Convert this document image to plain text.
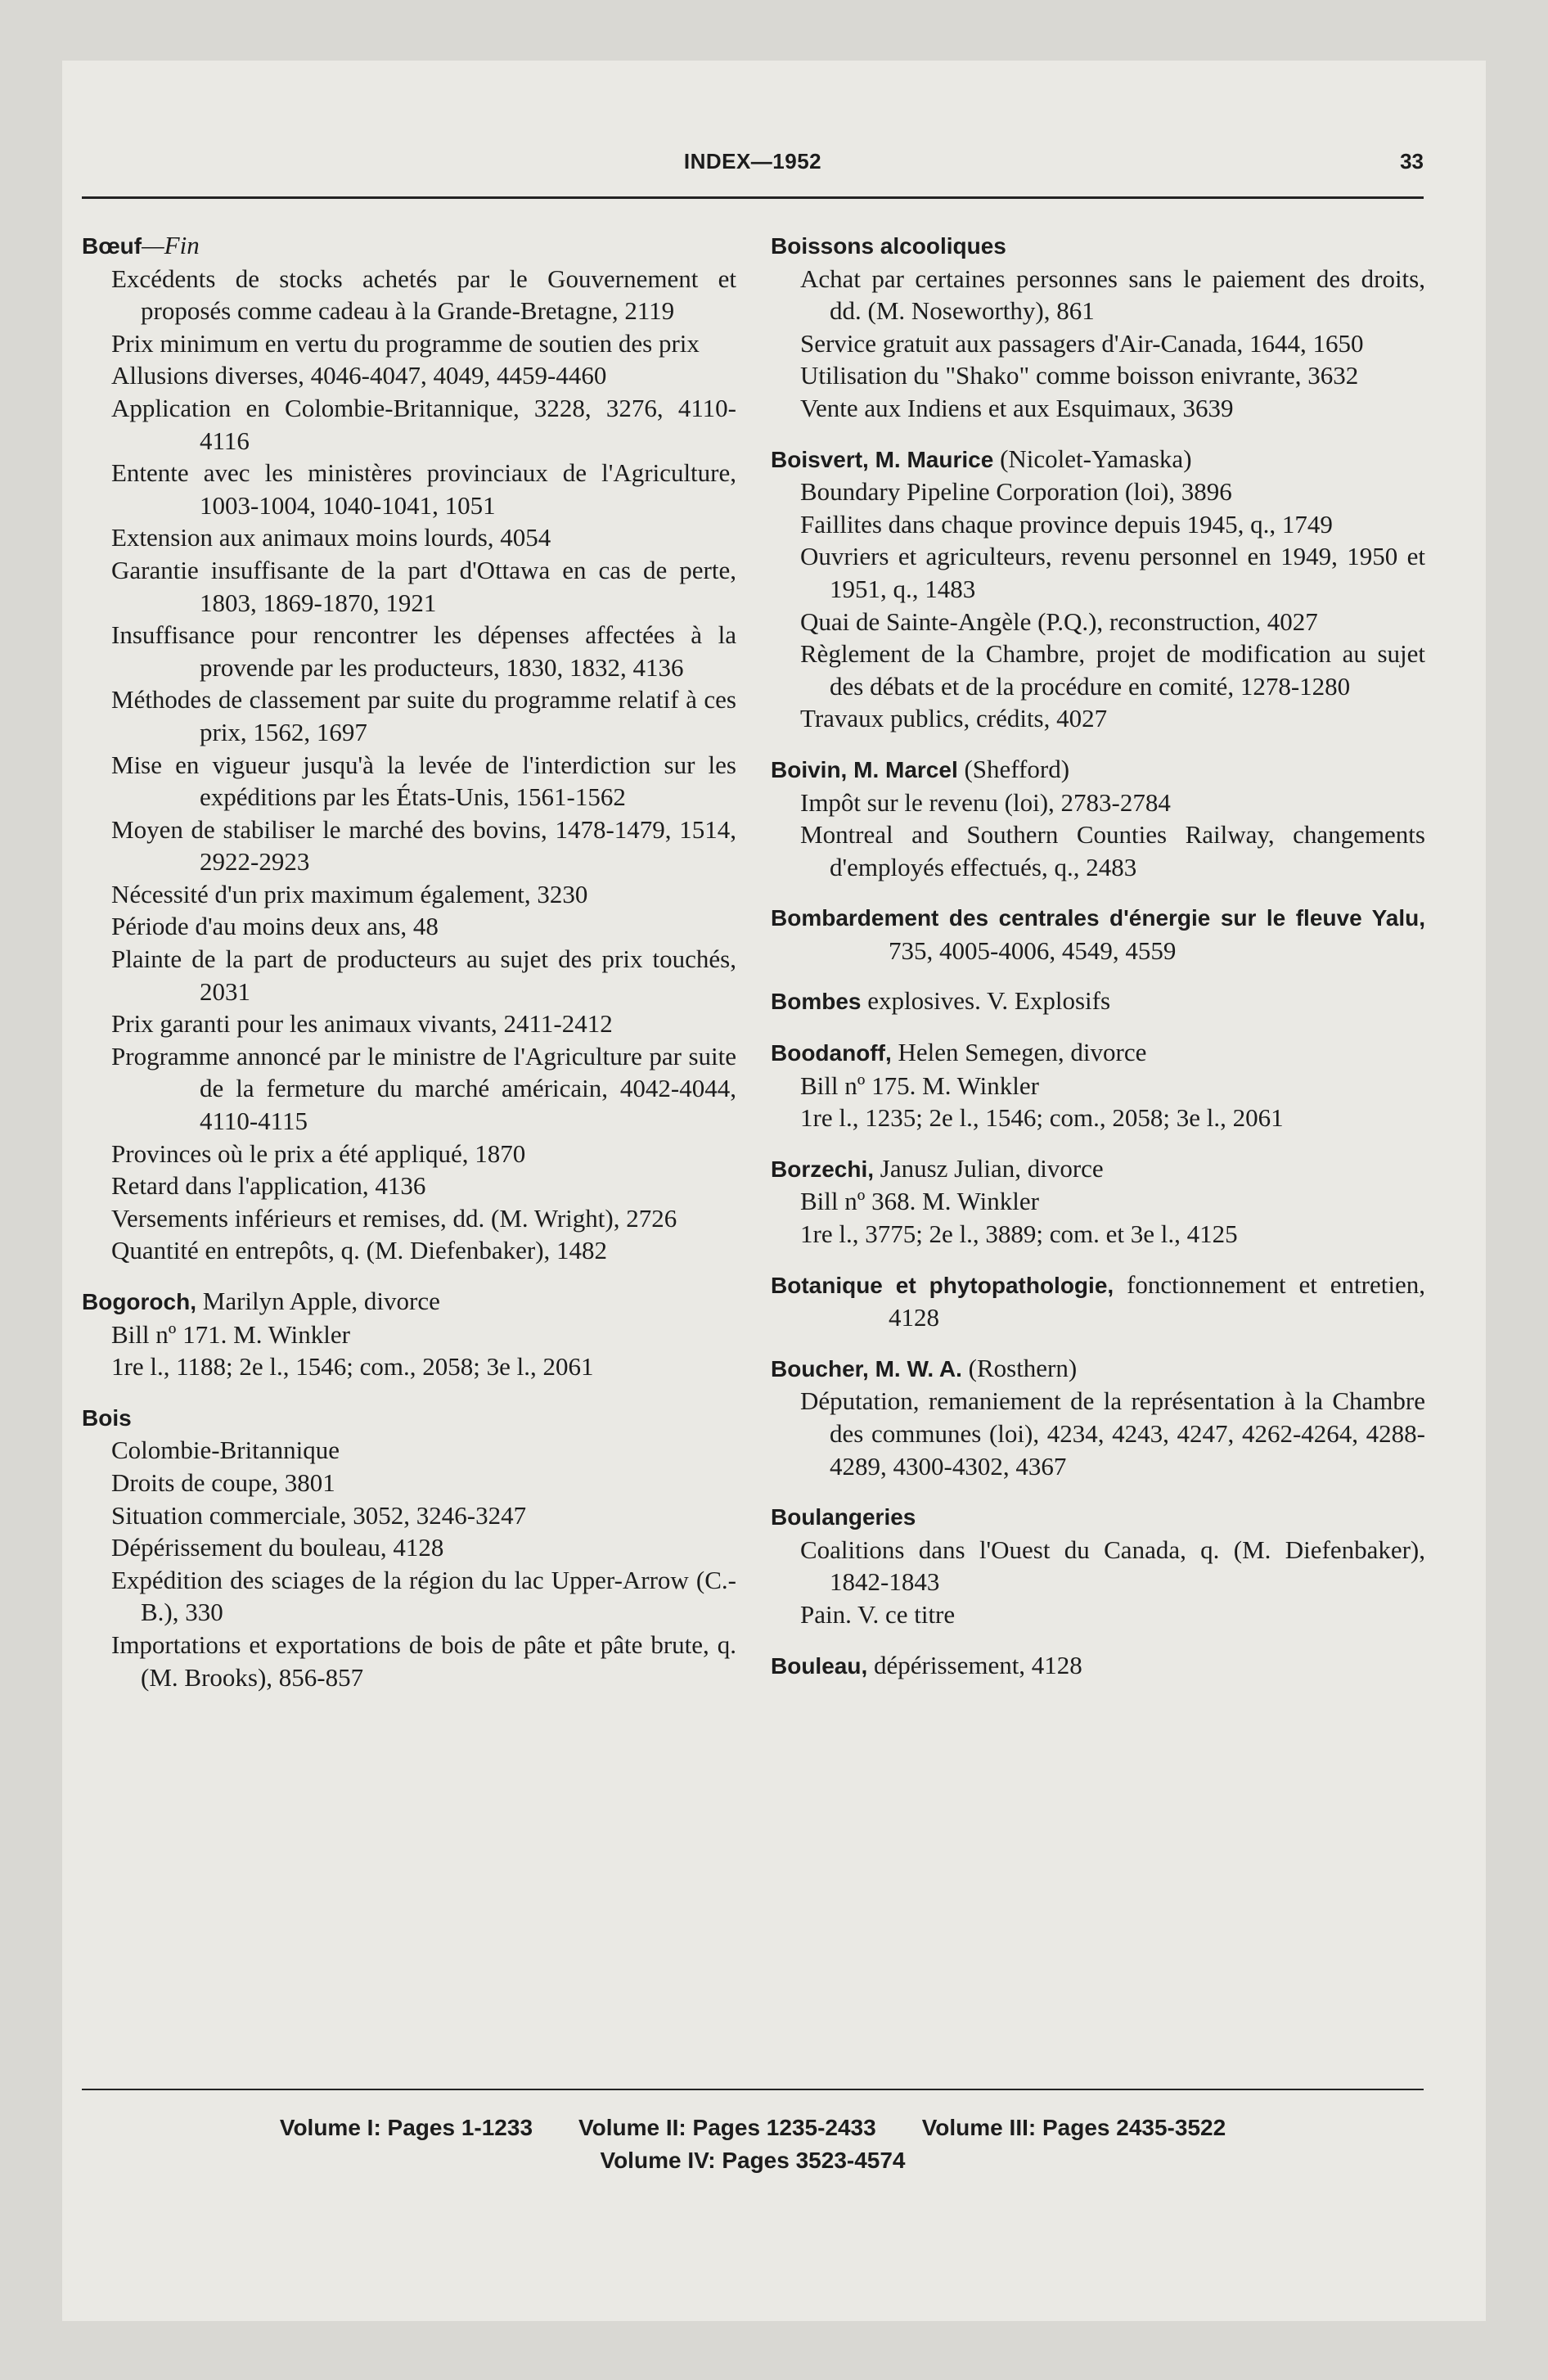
INDEX—1952	33
Bœuf—Fin
Excédents de stocks achetés par le Gouvernement et proposés comme cadeau à la Grande-Bretagne, 2119
Prix minimum en vertu du programme de soutien des prix
Allusions diverses, 4046-4047, 4049, 4459-4460
Application en Colombie-Britannique, 3228, 3276, 4110-4116
Entente avec les ministères provinciaux de l'Agriculture, 1003-1004, 1040-1041, 1051
Extension aux animaux moins lourds, 4054
Garantie insuffisante de la part d'Ottawa en cas de perte, 1803, 1869-1870, 1921
Insuffisance pour rencontrer les dépenses affectées à la provende par les producteurs, 1830, 1832, 4136
Méthodes de classement par suite du programme relatif à ces prix, 1562, 1697
Mise en vigueur jusqu'à la levée de l'interdiction sur les expéditions par les États-Unis, 1561-1562
Moyen de stabiliser le marché des bovins, 1478-1479, 1514, 2922-2923
Nécessité d'un prix maximum également, 3230
Période d'au moins deux ans, 48
Plainte de la part de producteurs au sujet des prix touchés, 2031
Prix garanti pour les animaux vivants, 2411-2412
Programme annoncé par le ministre de l'Agriculture par suite de la fermeture du marché américain, 4042-4044, 4110-4115
Provinces où le prix a été appliqué, 1870
Retard dans l'application, 4136
Versements inférieurs et remises, dd. (M. Wright), 2726
Quantité en entrepôts, q. (M. Diefenbaker), 1482
Bogoroch, Marilyn Apple, divorce
Bill nº 171. M. Winkler
1re l., 1188; 2e l., 1546; com., 2058; 3e l., 2061
Bois
Colombie-Britannique
Droits de coupe, 3801
Situation commerciale, 3052, 3246-3247
Dépérissement du bouleau, 4128
Expédition des sciages de la région du lac Upper-Arrow (C.-B.), 330
Importations et exportations de bois de pâte et pâte brute, q. (M. Brooks), 856-857
Boissons alcooliques
Achat par certaines personnes sans le paiement des droits, dd. (M. Noseworthy), 861
Service gratuit aux passagers d'Air-Canada, 1644, 1650
Utilisation du "Shako" comme boisson enivrante, 3632
Vente aux Indiens et aux Esquimaux, 3639
Boisvert, M. Maurice (Nicolet-Yamaska)
Boundary Pipeline Corporation (loi), 3896
Faillites dans chaque province depuis 1945, q., 1749
Ouvriers et agriculteurs, revenu personnel en 1949, 1950 et 1951, q., 1483
Quai de Sainte-Angèle (P.Q.), reconstruction, 4027
Règlement de la Chambre, projet de modification au sujet des débats et de la procédure en comité, 1278-1280
Travaux publics, crédits, 4027
Boivin, M. Marcel (Shefford)
Impôt sur le revenu (loi), 2783-2784
Montreal and Southern Counties Railway, changements d'employés effectués, q., 2483
Bombardement des centrales d'énergie sur le fleuve Yalu, 735, 4005-4006, 4549, 4559
Bombes explosives. V. Explosifs
Boodanoff, Helen Semegen, divorce
Bill nº 175. M. Winkler
1re l., 1235; 2e l., 1546; com., 2058; 3e l., 2061
Borzechi, Janusz Julian, divorce
Bill nº 368. M. Winkler
1re l., 3775; 2e l., 3889; com. et 3e l., 4125
Botanique et phytopathologie, fonctionnement et entretien, 4128
Boucher, M. W. A. (Rosthern)
Députation, remaniement de la représentation à la Chambre des communes (loi), 4234, 4243, 4247, 4262-4264, 4288-4289, 4300-4302, 4367
Boulangeries
Coalitions dans l'Ouest du Canada, q. (M. Diefenbaker), 1842-1843
Pain. V. ce titre
Bouleau, dépérissement, 4128
Volume I: Pages 1-1233 Volume II: Pages 1235-2433 Volume III: Pages 2435-3522
Volume IV: Pages 3523-4574
